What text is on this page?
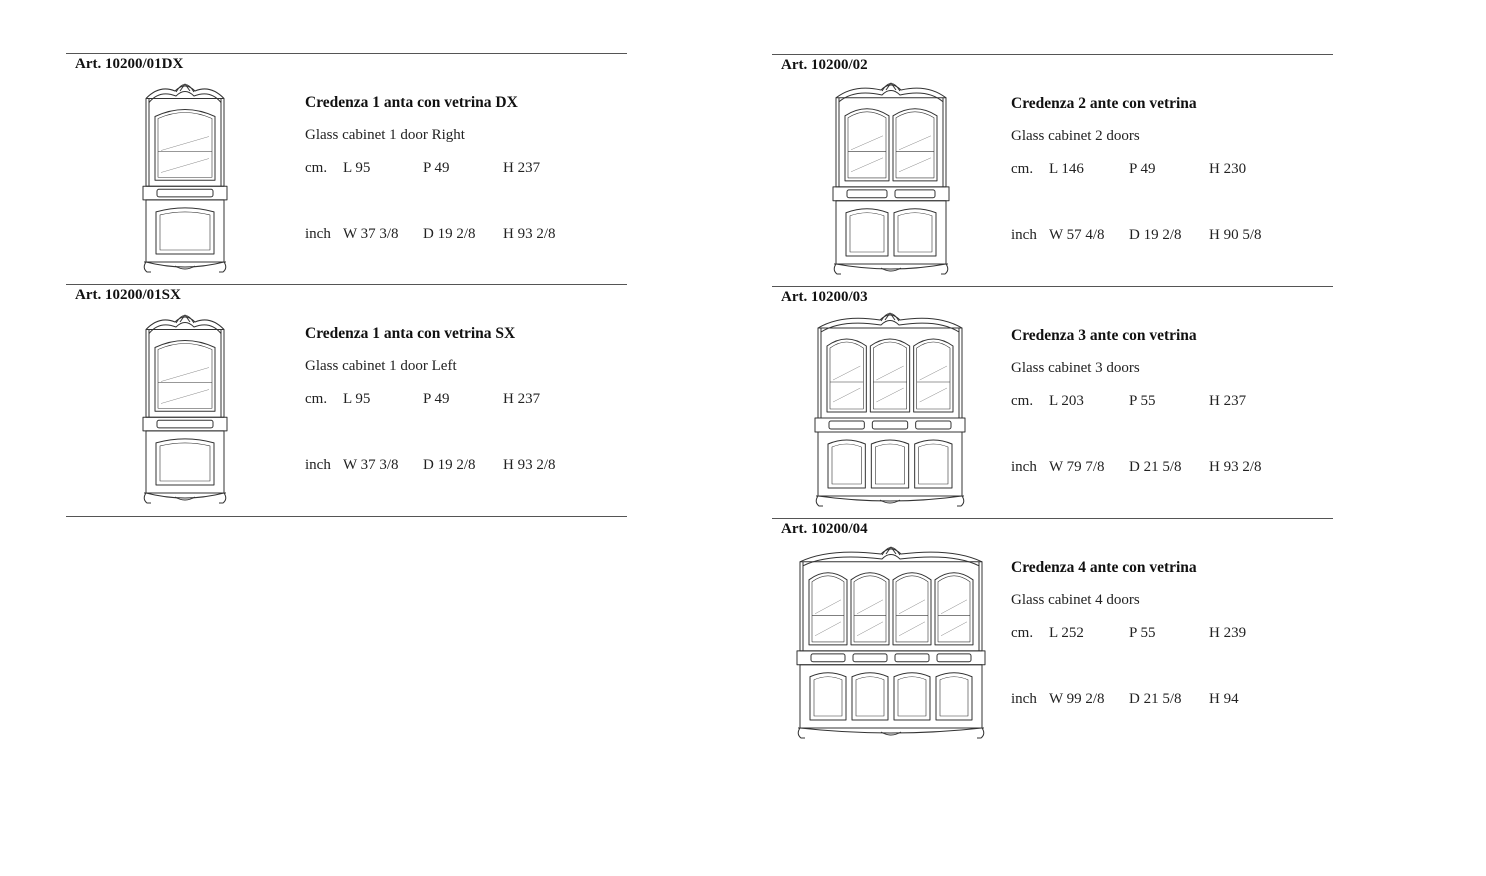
Art. 10200/01DX
Credenza 1 anta con vetrina DX
Glass cabinet 1 door Right
cm. L 95	P 49	H 237
inch W 37 3/8 D 19 2/8 H 93 2/8
Art. 10200/01SX
Credenza 1 anta con vetrina SX
Glass cabinet 1 door Left
cm. L 95	P 49	H 237
inch W 37 3/8 D 19 2/8 H 93 2/8
Art. 10200/02
Credenza 2 ante con vetrina
Glass cabinet 2 doors
cm. L 146	P 49	H 230
inch W 57 4/8 D 19 2/8 H 90 5/8
Art. 10200/03
Credenza 3 ante con vetrina
Glass cabinet 3 doors
cm. L 203	P 55	H 237
inch W 79 7/8 D 21 5/8 H 93 2/8
Art. 10200/04
Credenza 4 ante con vetrina
Glass cabinet 4 doors
cm. L 252	P 55	H 239
inch W 99 2/8 D 21 5/8 H 94
